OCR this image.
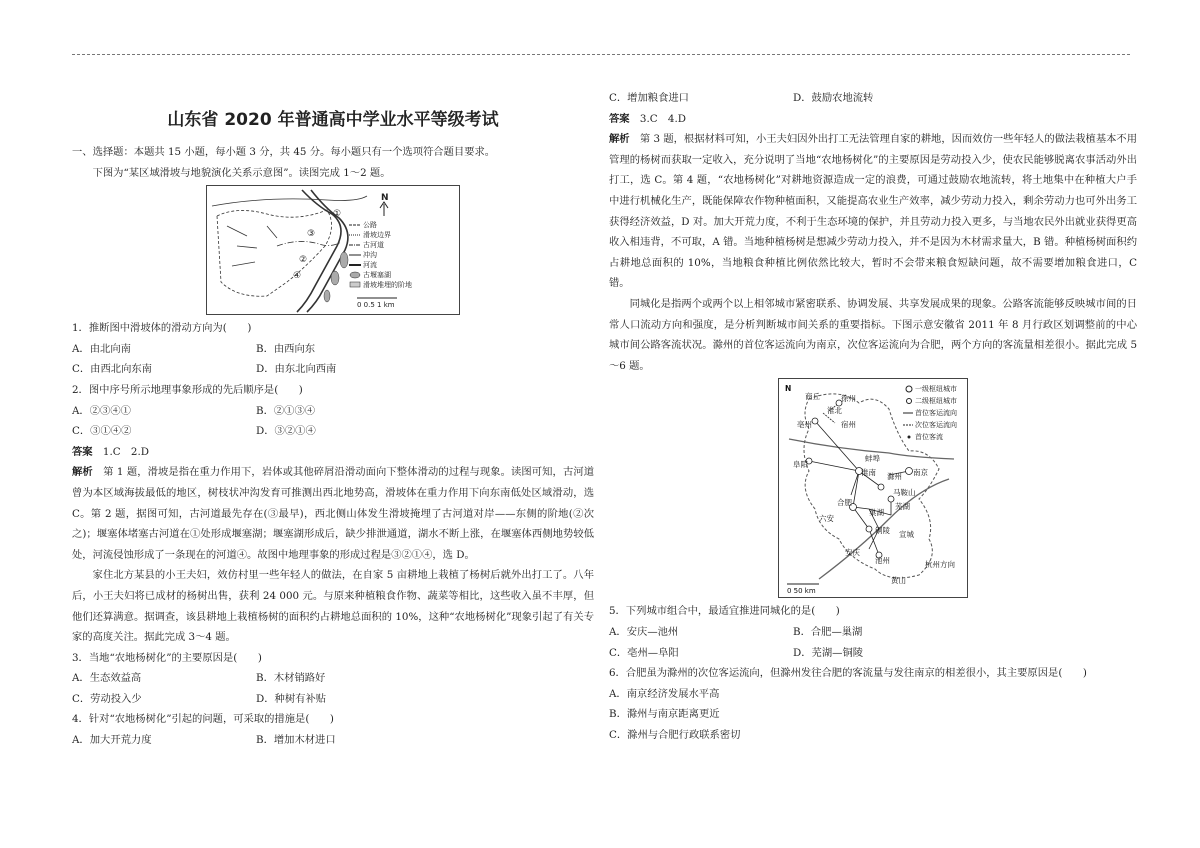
山东省 2020 年普通高中学业水平等级考试

一、选择题：本题共 15 小题，每小题 3 分，共 45 分。每小题只有一个选项符合题目要求。

下图为“某区域滑坡与地貌演化关系示意图”。读图完成 1～2 题。

①
②
③
④
N
公路
滑坡边界
古河道
冲沟
河流
古堰塞湖
滑坡堆埋的阶地
0 0.5 1 km

1．推断图中滑坡体的滑动方向为(　　)

A．由北向南	B．由西向东
C．由西北向东南	D．由东北向西南

2．图中序号所示地理事象形成的先后顺序是(　　)

A．②③④①	B．②①③④
C．③①④②	D．③②①④

答案　 1.C　2.D

解析　 第 1 题，滑坡是指在重力作用下，岩体或其他碎屑沿滑动面向下整体滑动的过程与现象。读图可知，古河道曾为本区域海拔最低的地区，树枝状冲沟发育可推测出西北地势高，滑坡体在重力作用下向东南低处区域滑动，选 C。第 2 题，据图可知，古河道最先存在(③最早)，西北侧山体发生滑坡掩埋了古河道对岸——东侧的阶地(②次之)；堰塞体堵塞古河道在①处形成堰塞湖；堰塞湖形成后，缺少排泄通道，湖水不断上涨，在堰塞体西侧地势较低处，河流侵蚀形成了一条现在的河道④。故图中地理事象的形成过程是③②①④，选 D。

家住北方某县的小王夫妇，效仿村里一些年轻人的做法，在自家 5 亩耕地上栽植了杨树后就外出打工了。八年后，小王夫妇将已成材的杨树出售，获利 24 000 元。与原来种植粮食作物、蔬菜等相比，这些收入虽不丰厚，但他们还算满意。据调查，该县耕地上栽植杨树的面积约占耕地总面积的 10%，这种“农地杨树化”现象引起了有关专家的高度关注。据此完成 3～4 题。

3．当地“农地杨树化”的主要原因是(　　)

A．生态效益高	B．木材销路好
C．劳动投入少	D．种树有补贴

4．针对“农地杨树化”引起的问题，可采取的措施是(　　)

A．加大开荒力度	B．增加木材进口
C．增加粮食进口	D．鼓励农地流转

答案　 3.C　4.D

解析　 第 3 题，根据材料可知，小王夫妇因外出打工无法管理自家的耕地，因而效仿一些年轻人的做法栽植基本不用管理的杨树而获取一定收入，充分说明了当地“农地杨树化”的主要原因是劳动投入少，使农民能够脱离农事活动外出打工，选 C。第 4 题，“农地杨树化”对耕地资源造成一定的浪费，可通过鼓励农地流转，将土地集中在种植大户手中进行机械化生产，既能保障农作物种植面积，又能提高农业生产效率，减少劳动力投入，剩余劳动力也可外出务工获得经济效益，D 对。加大开荒力度，不利于生态环境的保护，并且劳动力投入更多，与当地农民外出就业获得更高收入相违背，不可取，A 错。当地种植杨树是想减少劳动力投入，并不是因为木材需求量大，B 错。种植杨树面积约占耕地总面积的 10%，当地粮食种植比例依然比较大，暂时不会带来粮食短缺问题，故不需要增加粮食进口，C 错。

同城化是指两个或两个以上相邻城市紧密联系、协调发展、共享发展成果的现象。公路客流能够反映城市间的日常人口流动方向和强度，是分析判断城市间关系的重要指标。下图示意安徽省 2011 年 8 月行政区划调整前的中心城市间公路客流状况。滁州的首位客运流向为南京，次位客运流向为合肥，两个方向的客流量相差很小。据此完成 5～6 题。

N
商丘	徐州
淮北
宿州
亳州
阜阳
蚌埠
淮南 滁州 南京
合肥
六安
巢湖
马鞍山
芜湖
铜陵 宣城
安庆
池州
黄山
杭州方向
一级枢纽城市
二级枢纽城市
首位客运流向
次位客运流向
首位客流
0 50 km

5．下列城市组合中，最适宜推进同城化的是(　　)

A．安庆—池州	B．合肥—巢湖
C．亳州—阜阳	D．芜湖—铜陵

6．合肥虽为滁州的次位客运流向，但滁州发往合肥的客流量与发往南京的相差很小，其主要原因是(　　)

A．南京经济发展水平高

B．滁州与南京距离更近

C．滁州与合肥行政联系密切
